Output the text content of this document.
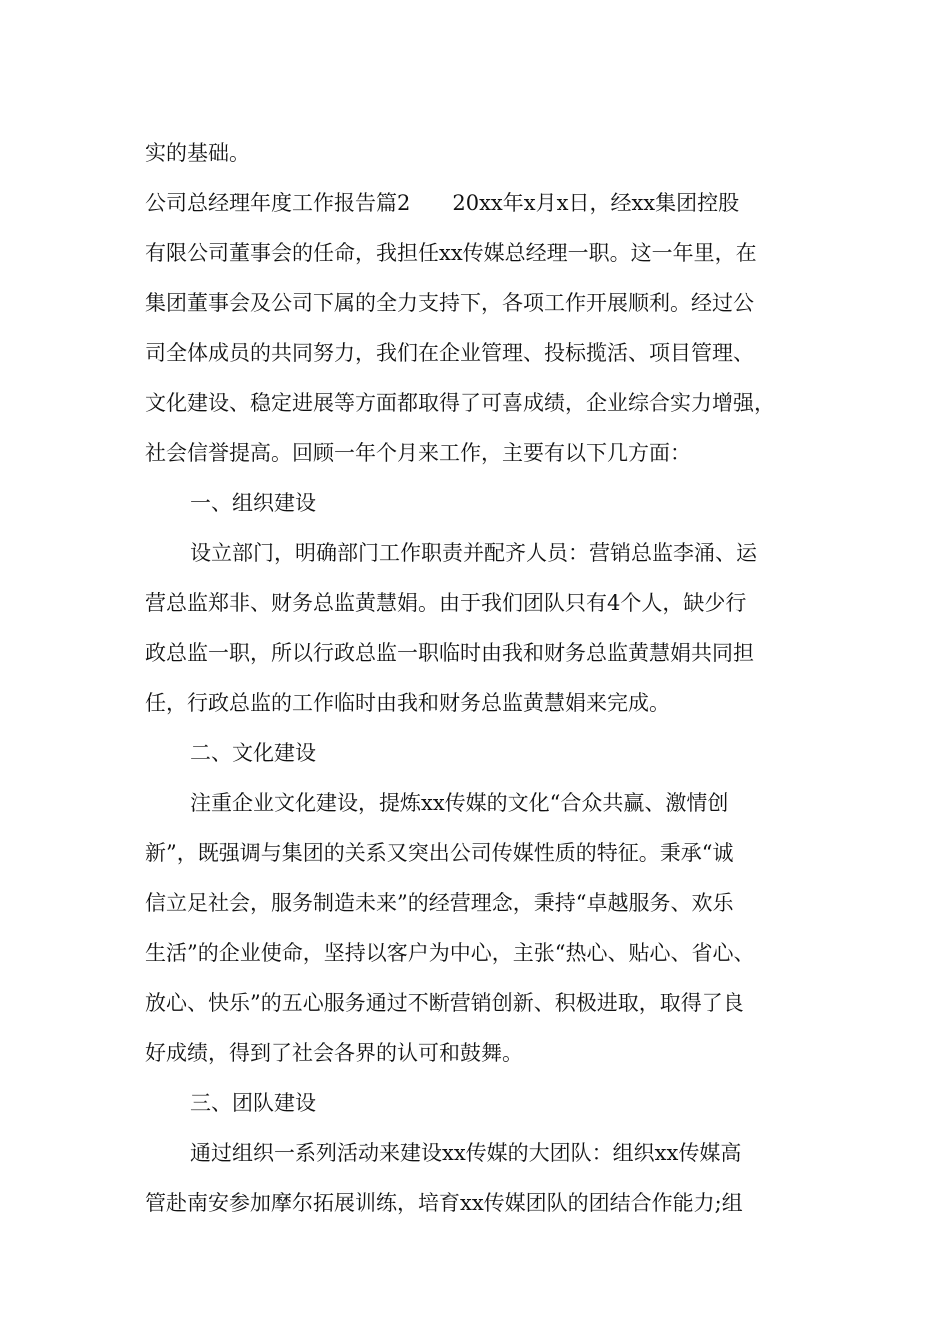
实的基础。

公司总经理年度工作报告篇2　　20xx年x月x日，经xx集团控股

有限公司董事会的任命，我担任xx传媒总经理一职。这一年里，在

集团董事会及公司下属的全力支持下，各项工作开展顺利。经过公

司全体成员的共同努力，我们在企业管理、投标揽活、项目管理、

文化建设、稳定进展等方面都取得了可喜成绩，企业综合实力增强，

社会信誉提高。回顾一年个月来工作，主要有以下几方面：

一、组织建设

设立部门，明确部门工作职责并配齐人员：营销总监李涌、运

营总监郑非、财务总监黄慧娟。由于我们团队只有4个人，缺少行

政总监一职，所以行政总监一职临时由我和财务总监黄慧娟共同担

任，行政总监的工作临时由我和财务总监黄慧娟来完成。

二、文化建设

注重企业文化建设，提炼xx传媒的文化“合众共赢、激情创

新”，既强调与集团的关系又突出公司传媒性质的特征。秉承“诚

信立足社会，服务制造未来”的经营理念，秉持“卓越服务、欢乐

生活”的企业使命，坚持以客户为中心，主张“热心、贴心、省心、

放心、快乐”的五心服务通过不断营销创新、积极进取，取得了良

好成绩，得到了社会各界的认可和鼓舞。

三、团队建设

通过组织一系列活动来建设xx传媒的大团队：组织xx传媒高

管赴南安参加摩尔拓展训练，培育xx传媒团队的团结合作能力;组
